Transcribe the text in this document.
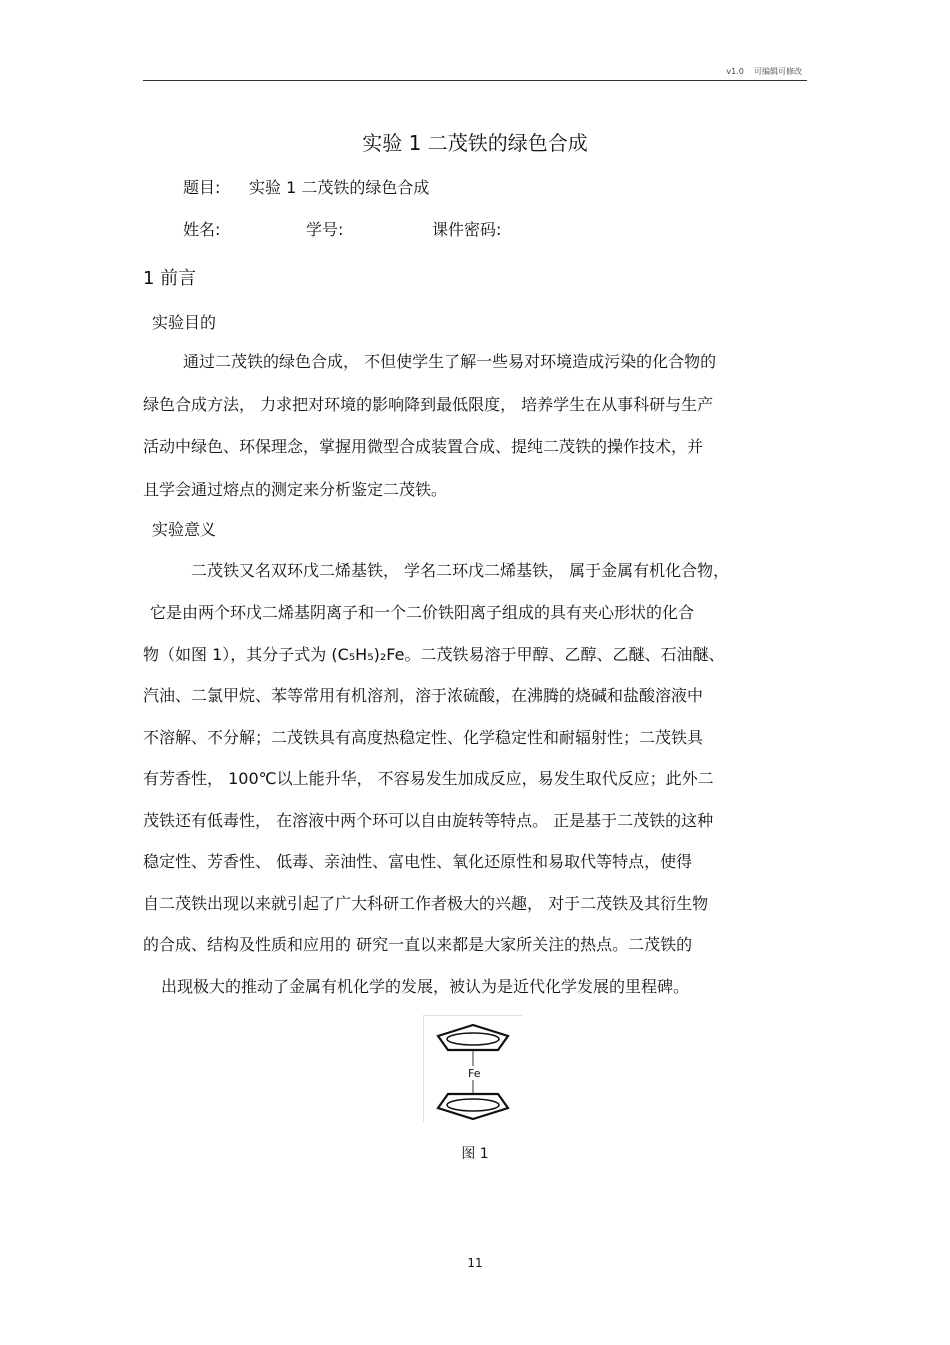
v1.0 可编辑可修改
实验 1 二茂铁的绿色合成
题目: 实验 1 二茂铁的绿色合成
姓名:	学号:	课件密码:
1 前言
实验目的
通过二茂铁的绿色合成， 不但使学生了解一些易对环境造成污染的化合物的
绿色合成方法， 力求把对环境的影响降到最低限度， 培养学生在从事科研与生产
活动中绿色、环保理念，掌握用微型合成装置合成、提纯二茂铁的操作技术，并
且学会通过熔点的测定来分析鉴定二茂铁。
实验意义
二茂铁又名双环戊二烯基铁， 学名二环戊二烯基铁， 属于金属有机化合物，
它是由两个环戊二烯基阴离子和一个二价铁阳离子组成的具有夹心形状的化合
物（如图 1），其分子式为 (C₅H₅)₂Fe。二茂铁易溶于甲醇、乙醇、乙醚、石油醚、
汽油、二氯甲烷、苯等常用有机溶剂，溶于浓硫酸，在沸腾的烧碱和盐酸溶液中
不溶解、不分解；二茂铁具有高度热稳定性、化学稳定性和耐辐射性；二茂铁具
有芳香性， 100℃以上能升华， 不容易发生加成反应，易发生取代反应；此外二
茂铁还有低毒性， 在溶液中两个环可以自由旋转等特点。 正是基于二茂铁的这种
稳定性、芳香性、 低毒、亲油性、富电性、氧化还原性和易取代等特点，使得
自二茂铁出现以来就引起了广大科研工作者极大的兴趣， 对于二茂铁及其衍生物
的合成、结构及性质和应用的 研究一直以来都是大家所关注的热点。二茂铁的
出现极大的推动了金属有机化学的发展，被认为是近代化学发展的里程碑。
Fe
图 1
11
